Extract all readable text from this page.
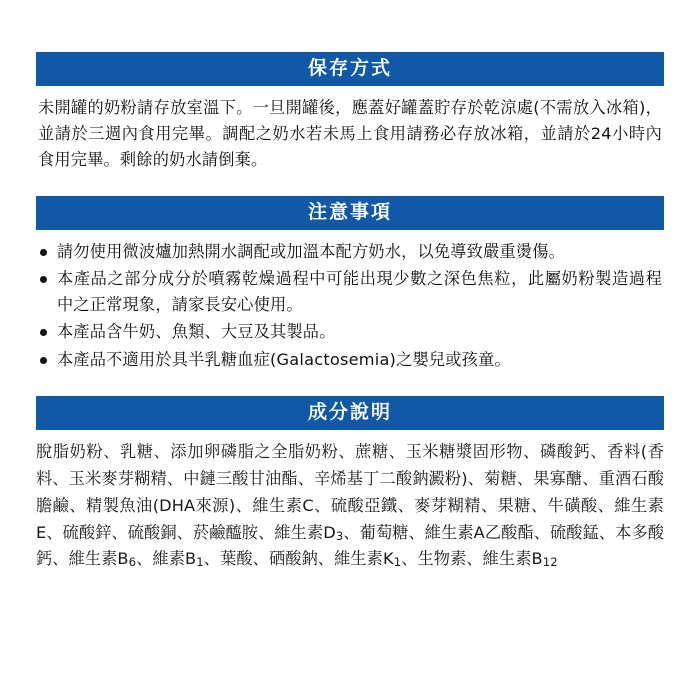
保存方式

未開罐的奶粉請存放室溫下。一旦開罐後，應蓋好罐蓋貯存於乾涼處(不需放入冰箱)，並請於三週內食用完畢。調配之奶水若未馬上食用請務必存放冰箱，並請於24小時內食用完畢。剩餘的奶水請倒棄。

注意事項
請勿使用微波爐加熱開水調配或加溫本配方奶水，以免導致嚴重燙傷。
本產品之部分成分於噴霧乾燥過程中可能出現少數之深色焦粒，此屬奶粉製造過程中之正常現象，請家長安心使用。
本產品含牛奶、魚類、大豆及其製品。
本產品不適用於具半乳糖血症(Galactosemia)之嬰兒或孩童。
成分說明
脫脂奶粉、乳糖、添加卵磷脂之全脂奶粉、蔗糖、玉米糖漿固形物、磷酸鈣、香料(香料、玉米麥芽糊精、中鏈三酸甘油酯、辛烯基丁二酸鈉澱粉)、菊糖、果寡醣、重酒石酸膽鹼、精製魚油(DHA來源)、維生素C、硫酸亞鐵、麥芽糊精、果糖、牛磺酸、維生素E、硫酸鋅、硫酸銅、菸鹼醯胺、維生素D3、葡萄糖、維生素A乙酸酯、硫酸錳、本多酸鈣、維生素B6、維素B1、葉酸、硒酸鈉、維生素K1、生物素、維生素B12
